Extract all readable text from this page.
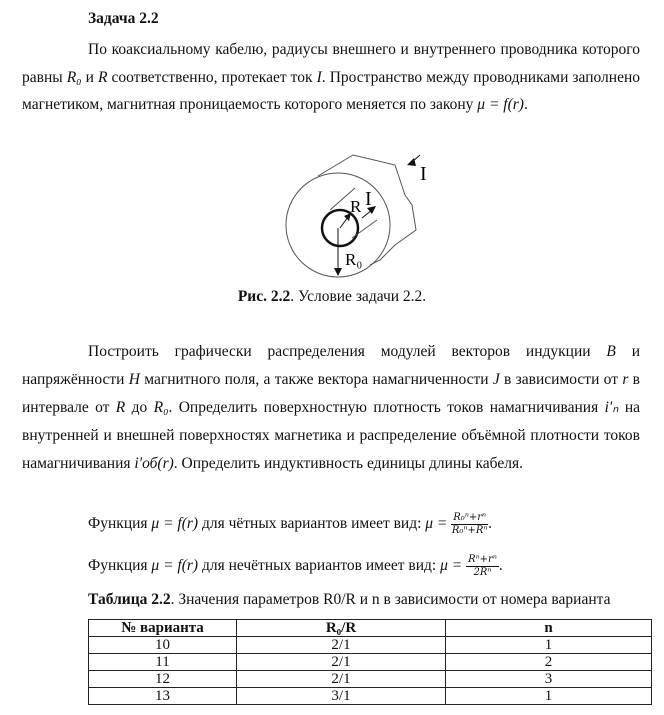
Задача 2.2
По коаксиальному кабелю, радиусы внешнего и внутреннего проводника которого равны R₀ и R соответственно, протекает ток I. Пространство между проводниками заполнено магнетиком, магнитная проницаемость которого меняется по закону μ = f(r).
I
I
R
R₀
Рис. 2.2. Условие задачи 2.2.
Построить графически распределения модулей векторов индукции B и напряжённости H магнитного поля, а также вектора намагниченности J в зависимости от r в интервале от R до R₀. Определить поверхностную плотность токов намагничивания i′ₙ на внутренней и внешней поверхностях магнетика и распределение объёмной плотности токов намагничивания i′об(r). Определить индуктивность единицы длины кабеля.
Функция μ = f(r) для чётных вариантов имеет вид: $\mu = \frac{\text{R₀ⁿ+rⁿ}}{\text{R₀ⁿ+Rⁿ}}$ .
Функция μ = f(r) для нечётных вариантов имеет вид: $\mu = \frac{\text{Rⁿ+rⁿ}}{\text{2Rⁿ}}$ .
Таблица 2.2. Значения параметров R0/R и n в зависимости от номера варианта
№ варианта	R₀/R	n
10	2/1	1
11	2/1	2
12	2/1	3
13	3/1	1
